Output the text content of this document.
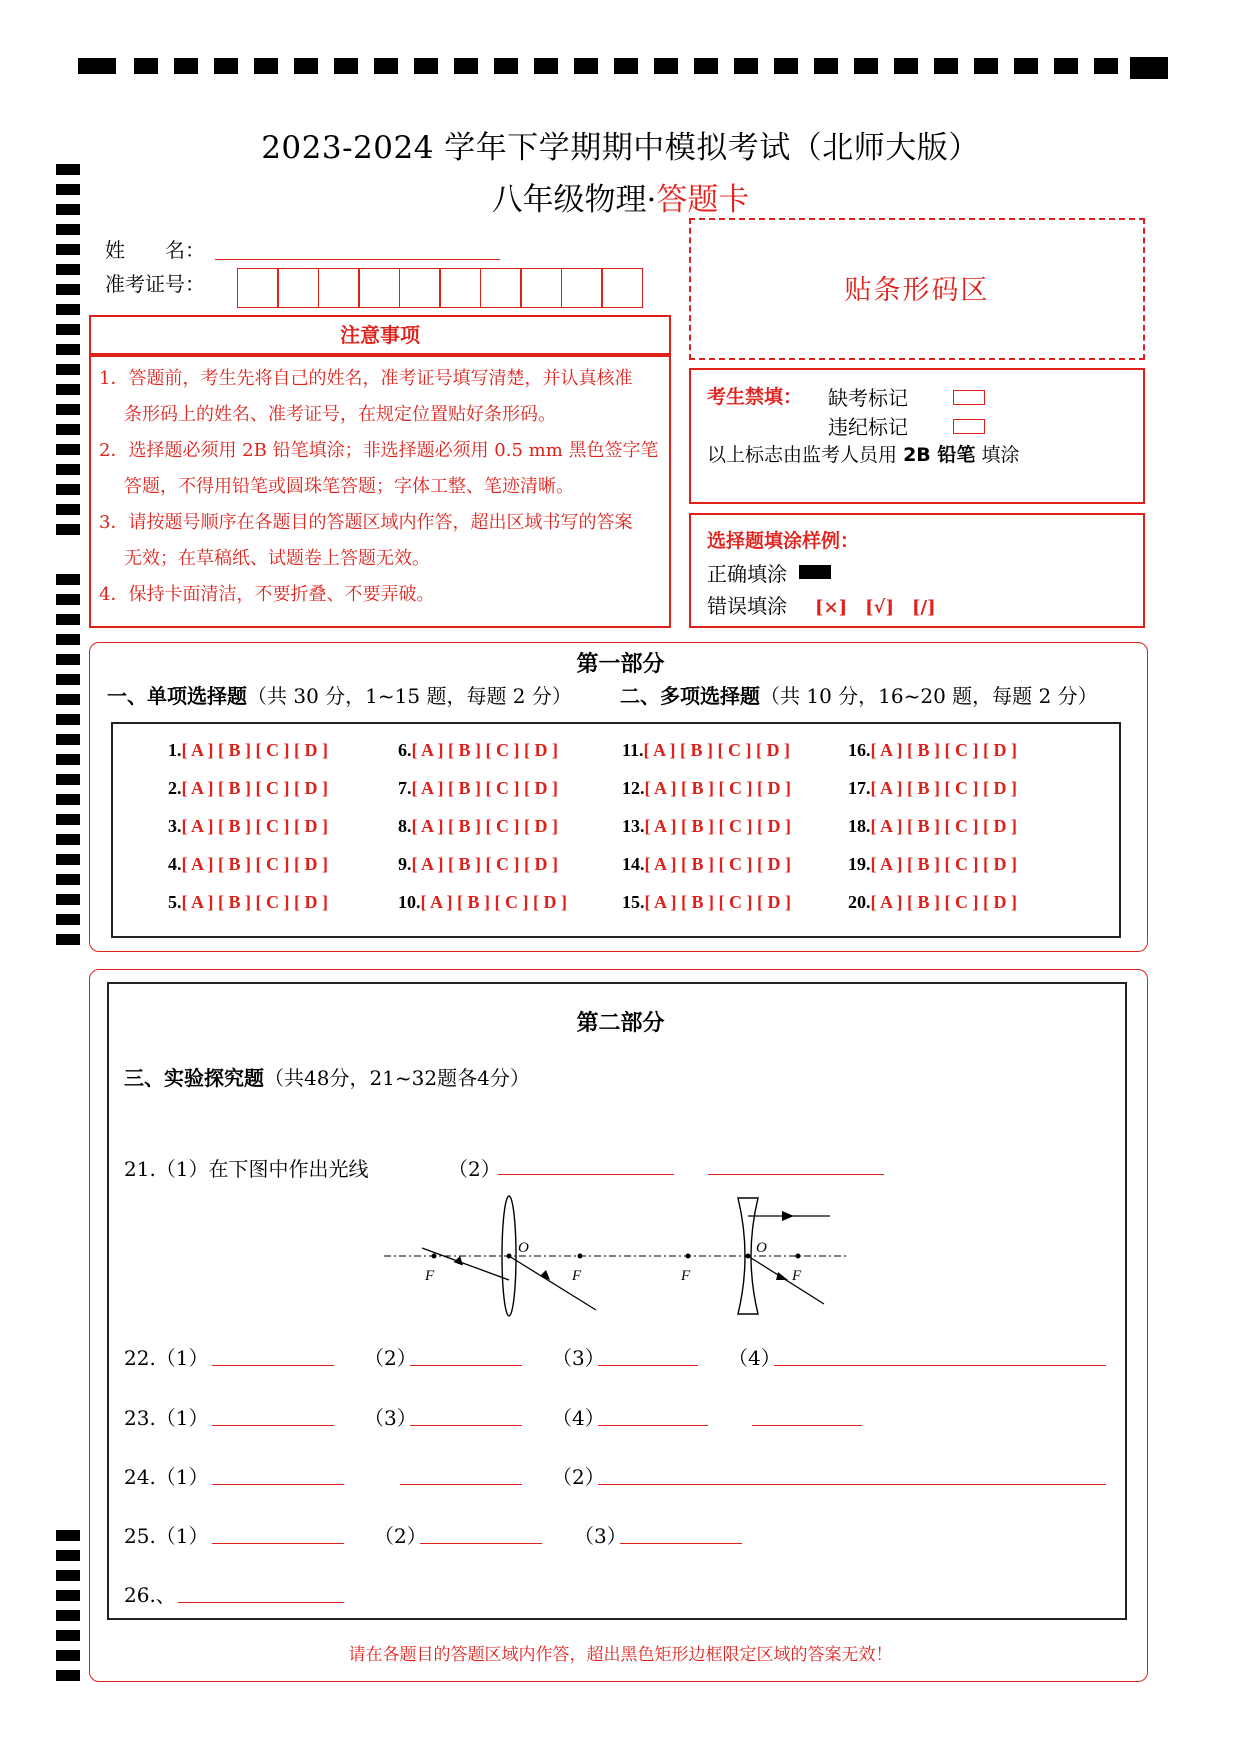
2023-2024 学年下学期期中模拟考试（北师大版）
八年级物理·答题卡
姓　　名：
准考证号：	贴条形码区
注意事项

1．答题前，考生先将自己的姓名，准考证号填写清楚，并认真核准

条形码上的姓名、准考证号，在规定位置贴好条形码。

2．选择题必须用 2B 铅笔填涂；非选择题必须用 0.5 mm 黑色签字笔

答题，不得用铅笔或圆珠笔答题；字体工整、笔迹清晰。

3．请按题号顺序在各题目的答题区域内作答，超出区域书写的答案

无效；在草稿纸、试题卷上答题无效。

4．保持卡面清洁，不要折叠、不要弄破。

考生禁填： 缺考标记
违纪标记
以上标志由监考人员用 2B 铅笔 填涂
选择题填涂样例：
正确填涂
错误填涂 [×]　[√]　[/]
第一部分
一、单项选择题（共 30 分，1~15 题，每题 2 分） 二、多项选择题（共 10 分，16~20 题，每题 2 分）
1.[ A ] [ B ] [ C ] [ D ]
2.[ A ] [ B ] [ C ] [ D ]
3.[ A ] [ B ] [ C ] [ D ]
4.[ A ] [ B ] [ C ] [ D ]
5.[ A ] [ B ] [ C ] [ D ]
6.[ A ] [ B ] [ C ] [ D ]
7.[ A ] [ B ] [ C ] [ D ]
8.[ A ] [ B ] [ C ] [ D ]
9.[ A ] [ B ] [ C ] [ D ]
10.[ A ] [ B ] [ C ] [ D ]
11.[ A ] [ B ] [ C ] [ D ]
12.[ A ] [ B ] [ C ] [ D ]
13.[ A ] [ B ] [ C ] [ D ]
14.[ A ] [ B ] [ C ] [ D ]
15.[ A ] [ B ] [ C ] [ D ]
16.[ A ] [ B ] [ C ] [ D ]
17.[ A ] [ B ] [ C ] [ D ]
18.[ A ] [ B ] [ C ] [ D ]
19.[ A ] [ B ] [ C ] [ D ]
20.[ A ] [ B ] [ C ] [ D ]
第二部分
三、实验探究题（共48分，21~32题各4分）
21.（1）在下图中作出光线	（2）
O
F	F
O
F	F
22.（1）	（2）	（3）	（4）
23.（1）	（3）	（4）
24.（1）	（2）
25.（1）	（2）	（3）
26.、
请在各题目的答题区域内作答，超出黑色矩形边框限定区域的答案无效！
